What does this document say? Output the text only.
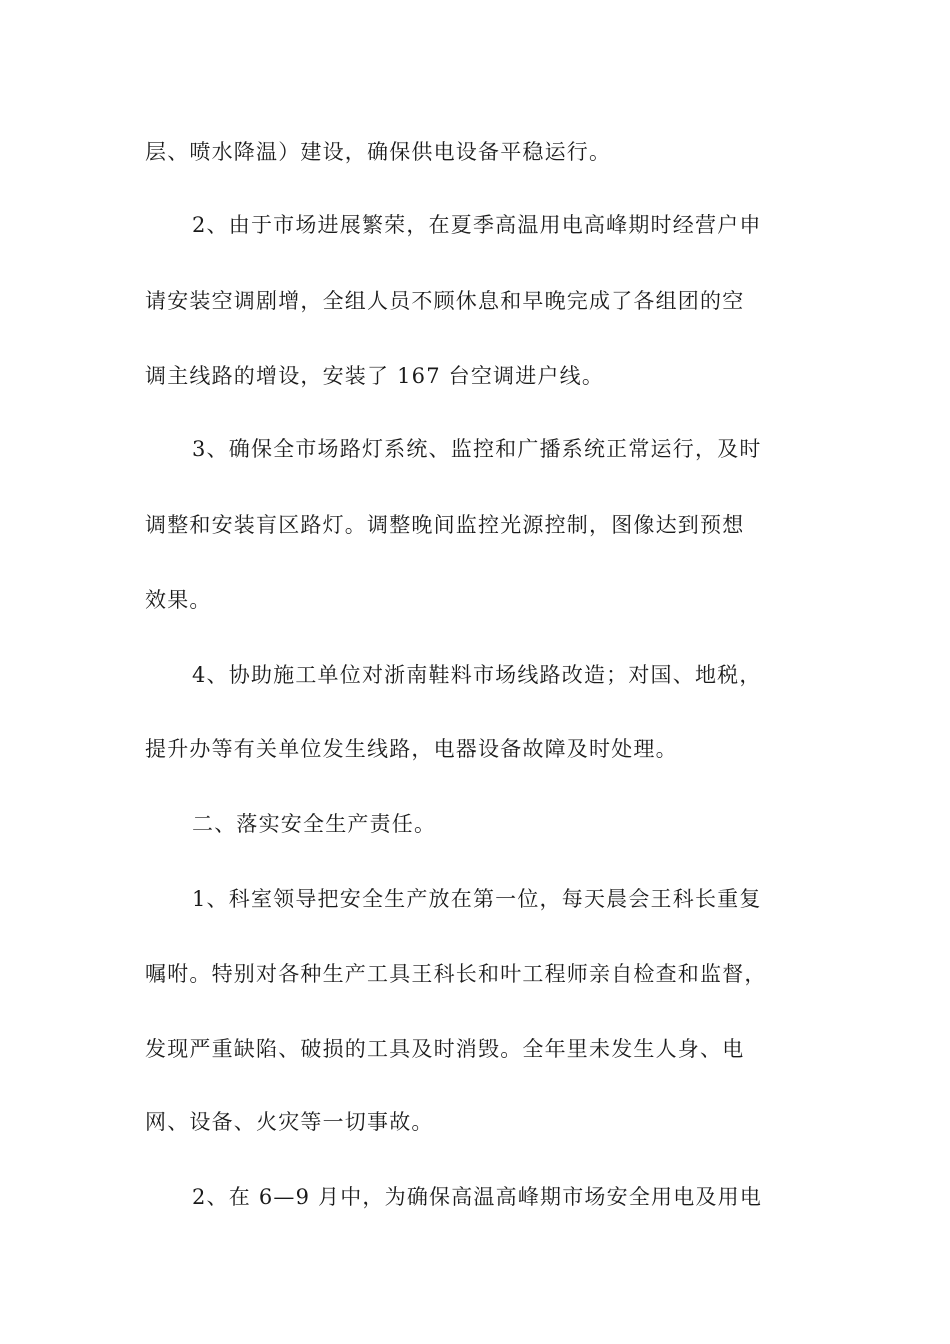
层、喷水降温）建设，确保供电设备平稳运行。
2、由于市场进展繁荣，在夏季高温用电高峰期时经营户申
请安装空调剧增，全组人员不顾休息和早晚完成了各组团的空
调主线路的增设，安装了 167 台空调进户线。
3、确保全市场路灯系统、监控和广播系统正常运行，及时
调整和安装肓区路灯。调整晚间监控光源控制，图像达到预想
效果。
4、协助施工单位对浙南鞋料市场线路改造；对国、地税，
提升办等有关单位发生线路，电器设备故障及时处理。
二、落实安全生产责任。
1、科室领导把安全生产放在第一位，每天晨会王科长重复
嘱咐。特别对各种生产工具王科长和叶工程师亲自检查和监督，
发现严重缺陷、破损的工具及时消毁。全年里未发生人身、电
网、设备、火灾等一切事故。
2、在 6—9 月中，为确保高温高峰期市场安全用电及用电
